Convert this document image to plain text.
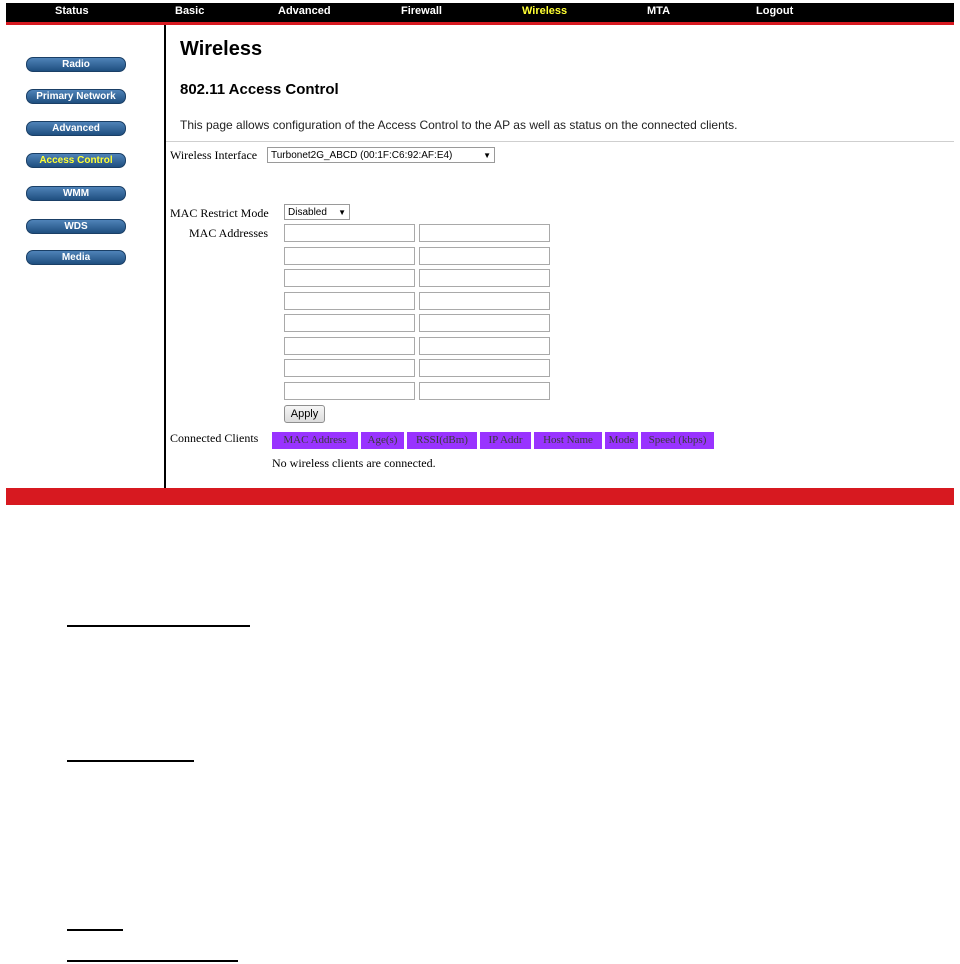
Status	Basic	Advanced	Firewall	Wireless	MTA	Logout
Radio
Primary Network
Advanced
Access Control
WMM
WDS
Media
Wireless
802.11 Access Control
This page allows configuration of the Access Control to the AP as well as status on the connected clients.
Wireless Interface	Turbonet2G_ABCD (00:1F:C6:92:AF:E4)	▼
MAC Restrict Mode	Disabled ▼
MAC Addresses
Apply
Connected Clients	MAC Address	Age(s)	RSSI(dBm)	IP Addr	Host Name	Mode	Speed (kbps)
No wireless clients are connected.
